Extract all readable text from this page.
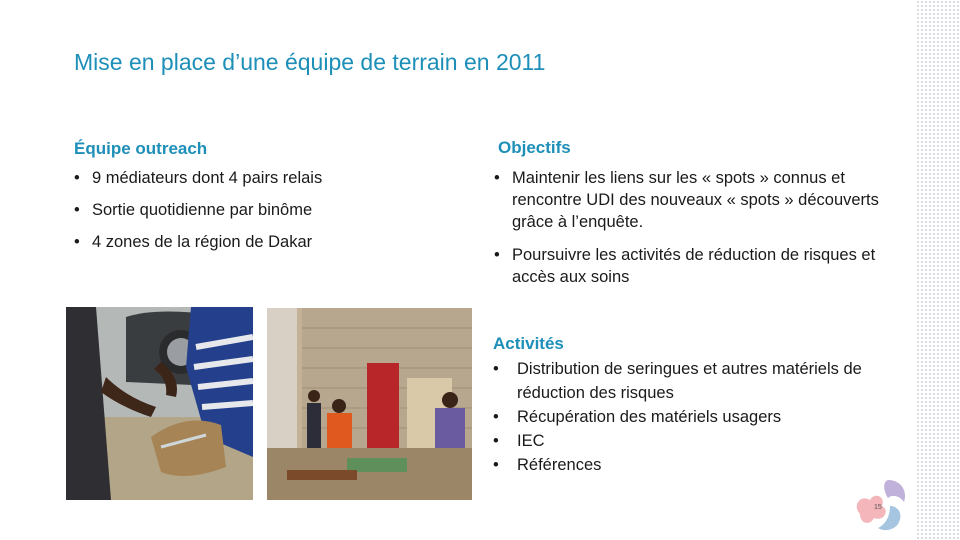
Mise en place d’une équipe de terrain en 2011
Équipe outreach
• 9 médiateurs dont 4 pairs relais
• Sortie quotidienne par binôme
• 4 zones de la région de Dakar
Objectifs
• Maintenir les liens sur les « spots » connus et rencontre UDI des nouveaux « spots » découverts grâce à l’enquête.
• Poursuivre les activités de réduction de risques et accès aux soins
Activités
• Distribution de seringues et autres matériels de réduction des risques
• Récupération des matériels usagers
• IEC
• Références
15
